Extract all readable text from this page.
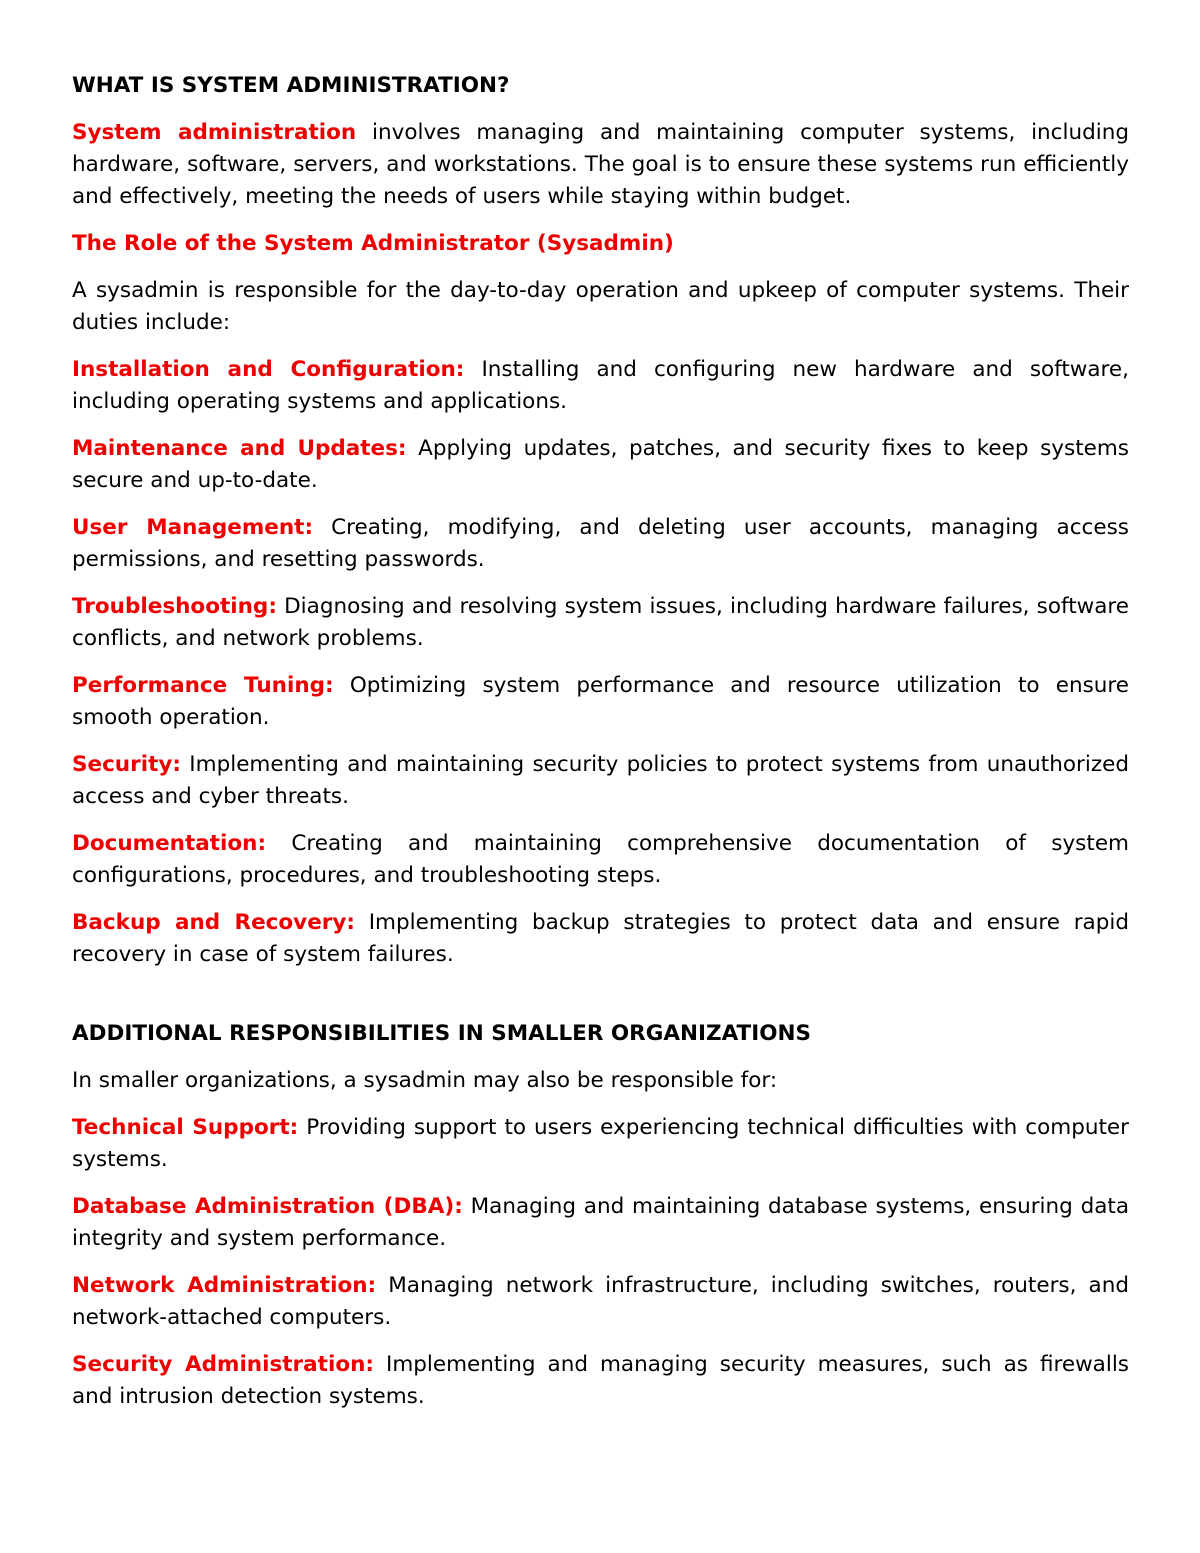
WHAT IS SYSTEM ADMINISTRATION?

System administration involves managing and maintaining computer systems, including hardware, software, servers, and workstations. The goal is to ensure these systems run efficiently and effectively, meeting the needs of users while staying within budget.

The Role of the System Administrator (Sysadmin)

A sysadmin is responsible for the day-to-day operation and upkeep of computer systems. Their duties include:

Installation and Configuration: Installing and configuring new hardware and software, including operating systems and applications.

Maintenance and Updates: Applying updates, patches, and security fixes to keep systems secure and up-to-date.

User Management: Creating, modifying, and deleting user accounts, managing access permissions, and resetting passwords.

Troubleshooting: Diagnosing and resolving system issues, including hardware failures, software conflicts, and network problems.

Performance Tuning: Optimizing system performance and resource utilization to ensure smooth operation.

Security: Implementing and maintaining security policies to protect systems from unauthorized access and cyber threats.

Documentation: Creating and maintaining comprehensive documentation of system configurations, procedures, and troubleshooting steps.

Backup and Recovery: Implementing backup strategies to protect data and ensure rapid recovery in case of system failures.

ADDITIONAL RESPONSIBILITIES IN SMALLER ORGANIZATIONS

In smaller organizations, a sysadmin may also be responsible for:

Technical Support: Providing support to users experiencing technical difficulties with computer systems.

Database Administration (DBA): Managing and maintaining database systems, ensuring data integrity and system performance.

Network Administration: Managing network infrastructure, including switches, routers, and network-attached computers.

Security Administration: Implementing and managing security measures, such as firewalls and intrusion detection systems.
